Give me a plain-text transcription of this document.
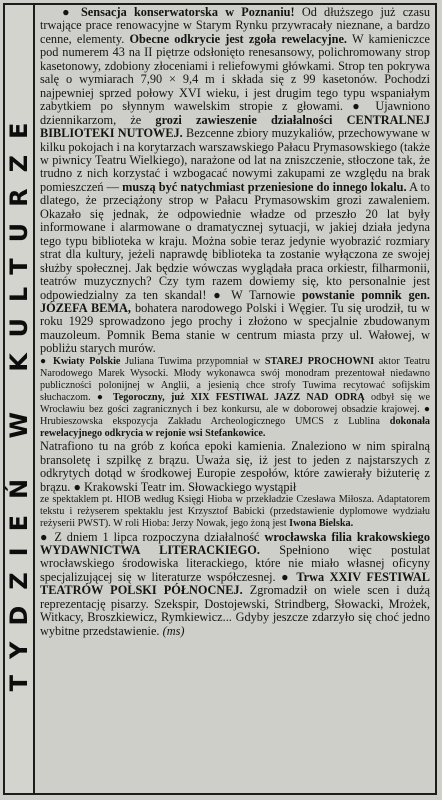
TYDZIEŃ W KULTURZE

● Sensacja konserwatorska w Poznaniu! Od dłuższego już czasu trwające prace renowacyjne w Starym Rynku przywracały nieznane, a bardzo cenne, elementy. Obecne odkrycie jest zgoła rewelacyjne. W kamieniczce pod numerem 43 na II piętrze odsłonięto renesansowy, polichromowany strop kasetonowy, zdobiony złoceniami i reliefowymi główkami. Strop ten pokrywa salę o wymiarach 7,90 × 9,4 m i składa się z 99 kasetonów. Pochodzi najpewniej sprzed połowy XVI wieku, i jest drugim tego typu wspaniałym zabytkiem po słynnym wawelskim stropie z głowami. ● Ujawniono dziennikarzom, że grozi zawieszenie działalności CENTRALNEJ BIBLIOTEKI NUTOWEJ. Bezcenne zbiory muzykaliów, przechowywane w kilku pokojach i na korytarzach warszawskiego Pałacu Prymasowskiego (także w piwnicy Teatru Wielkiego), narażone od lat na zniszczenie, stłoczone tak, że trudno z nich korzystać i wzbogacać nowymi zakupami ze względu na brak pomieszczeń — muszą być natychmiast przeniesione do innego lokalu. A to dlatego, że przeciążony strop w Pałacu Prymasowskim grozi zawaleniem. Okazało się jednak, że odpowiednie władze od przeszło 20 lat były informowane i alarmowane o dramatycznej sytuacji, w jakiej działa jedyna tego typu biblioteka w kraju. Można sobie teraz jedynie wyobrazić rozmiary strat dla kultury, jeżeli naprawdę biblioteka ta zostanie wyłączona ze swojej służby społecznej. Jak będzie wówczas wyglądała praca orkiestr, filharmonii, teatrów muzycznych? Czy tym razem dowiemy się, kto personalnie jest odpowiedzialny za ten skandal! ● W Tarnowie powstanie pomnik gen. JÓZEFA BEMA, bohatera narodowego Polski i Węgier. Tu się urodził, tu w roku 1929 sprowadzono jego prochy i złożono w specjalnie zbudowanym mauzoleum. Pomnik Bema stanie w centrum miasta przy ul. Wałowej, w pobliżu starych murów.

● Kwiaty Polskie Juliana Tuwima przypomniał w STAREJ PROCHOWNI aktor Teatru Narodowego Marek Wysocki. Młody wykonawca swój monodram prezentował niedawno publiczności polonijnej w Anglii, a jesienią chce strofy Tuwima recytować sofijskim słuchaczom. ● Tegoroczny, już XIX FESTIWAL JAZZ NAD ODRĄ odbył się we Wrocławiu bez gości zagranicznych i bez konkursu, ale w doborowej obsadzie krajowej. ● Hrubieszowska ekspozycja Zakładu Archeologicznego UMCS z Lublina dokonała rewelacyjnego odkrycia w rejonie wsi Stefankowice.

Natrafiono tu na grób z końca epoki kamienia. Znaleziono w nim spiralną bransoletę i szpilkę z brązu. Uważa się, iż jest to jeden z najstarszych z odkrytych dotąd w środkowej Europie zespołów, które zawierały biżuterię z brązu. ● Krakowski Teatr im. Słowackiego wystąpił

ze spektaklem pt. HIOB według Księgi Hioba w przekładzie Czesława Miłosza. Adaptatorem tekstu i reżyserem spektaklu jest Krzysztof Babicki (przedstawienie dyplomowe wydziału reżyserii PWST). W roli Hioba: Jerzy Nowak, jego żoną jest Iwona Bielska.

● Z dniem 1 lipca rozpoczyna działalność wrocławska filia krakowskiego WYDAWNICTWA LITERACKIEGO. Spełniono więc postulat wrocławskiego środowiska literackiego, które nie miało własnej oficyny specjalizującej się w literaturze współczesnej. ● Trwa XXIV FESTIWAL TEATRÓW POLSKI PÓŁNOCNEJ. Zgromadził on wiele scen i dużą reprezentację pisarzy. Szekspir, Dostojewski, Strindberg, Słowacki, Mrożek, Witkacy, Broszkiewicz, Rymkiewicz... Gdyby jeszcze zdarzyło się choć jedno wybitne przedstawienie. (ms)
